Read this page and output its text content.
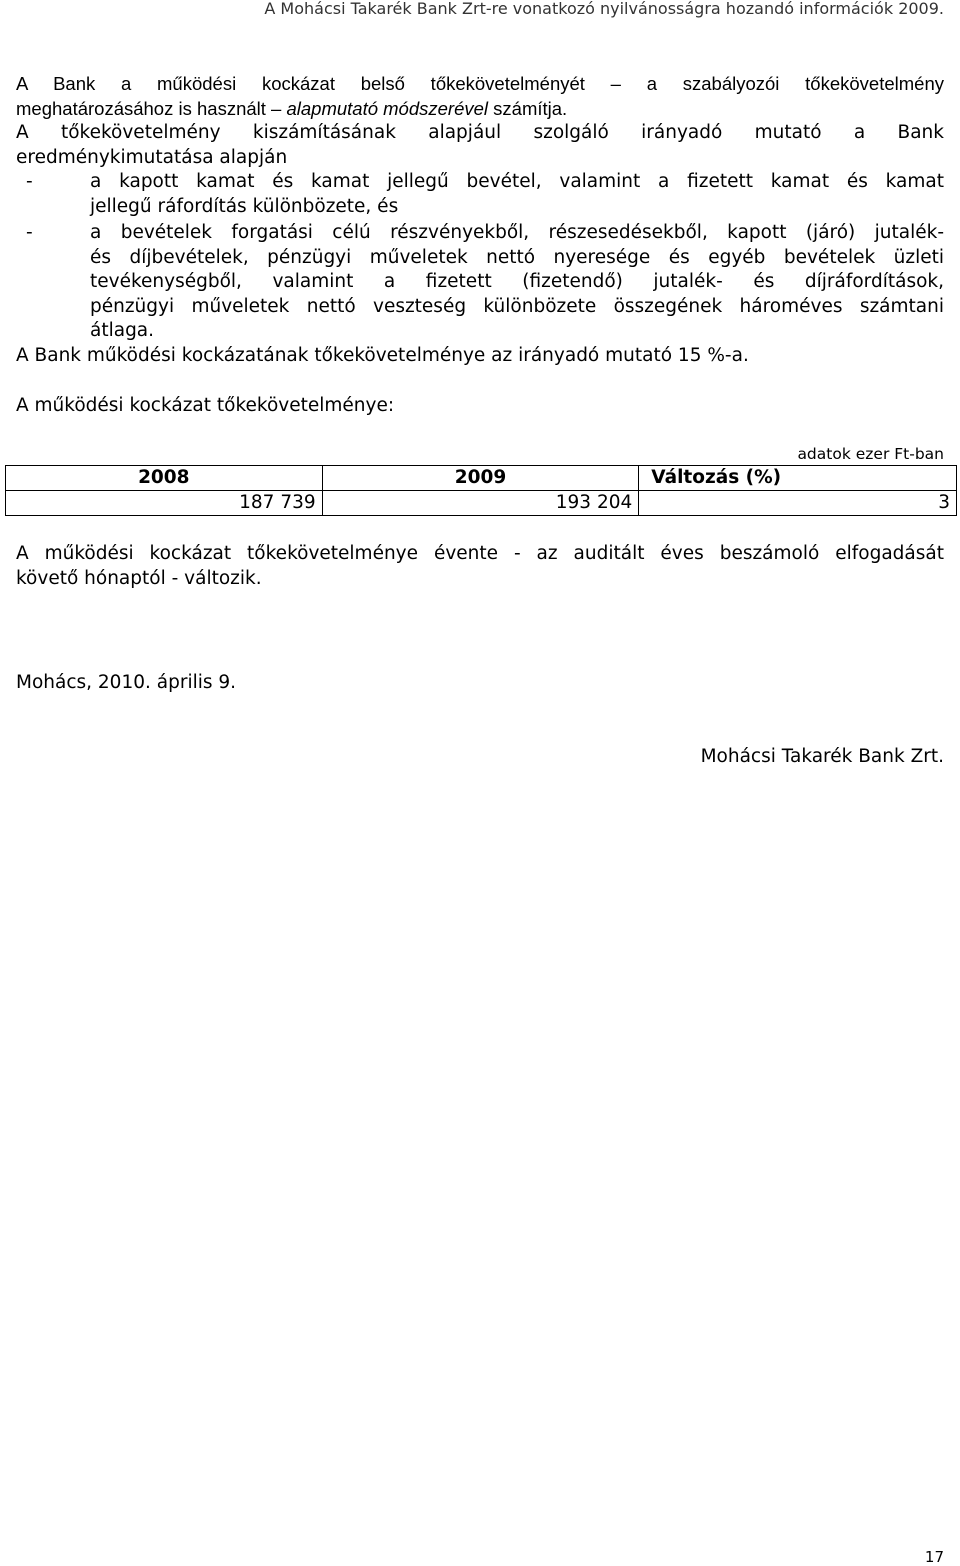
A Mohácsi Takarék Bank Zrt-re vonatkozó nyilvánosságra hozandó információk 2009.
A Bank a működési kockázat belső tőkekövetelményét – a szabályozói tőkekövetelmény
meghatározásához is használt – alapmutató módszerével számítja.
A tőkekövetelmény kiszámításának alapjául szolgáló irányadó mutató a Bank
eredménykimutatása alapján
-	a kapott kamat és kamat jellegű bevétel, valamint a fizetett kamat és kamat
jellegű ráfordítás különbözete, és
-	a bevételek forgatási célú részvényekből, részesedésekből, kapott (járó) jutalék-
és díjbevételek, pénzügyi műveletek nettó nyeresége és egyéb bevételek üzleti
tevékenységből, valamint a fizetett (fizetendő) jutalék- és díjráfordítások,
pénzügyi műveletek nettó veszteség különbözete összegének hároméves számtani
átlaga.
A Bank működési kockázatának tőkekövetelménye az irányadó mutató 15 %-a.
A működési kockázat tőkekövetelménye:
adatok ezer Ft-ban
2008	2009	Változás (%)
187 739	193 204	3
A működési kockázat tőkekövetelménye évente - az auditált éves beszámoló elfogadását
követő hónaptól - változik.
Mohács, 2010. április 9.
Mohácsi Takarék Bank Zrt.
17
